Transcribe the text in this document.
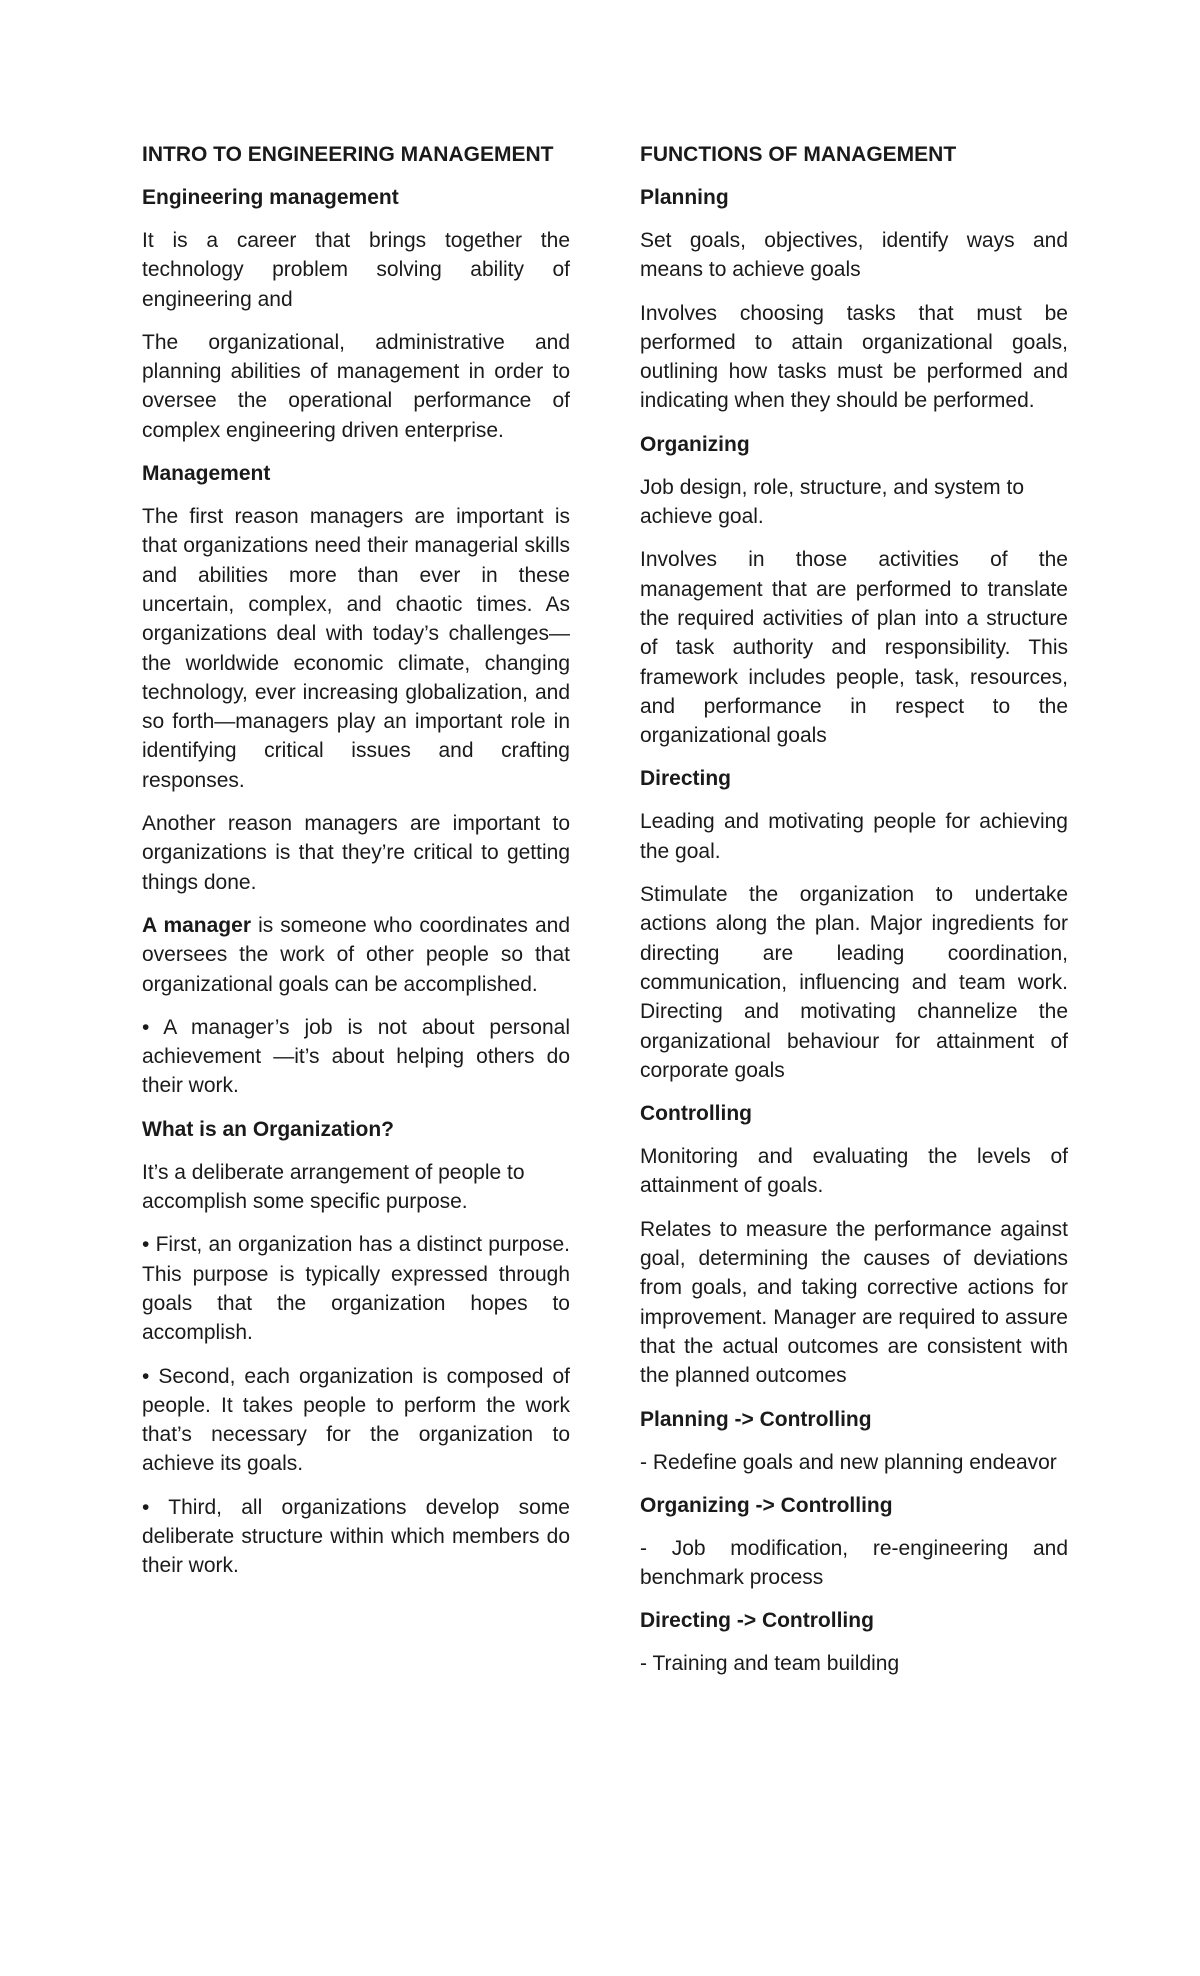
INTRO TO ENGINEERING MANAGEMENT
Engineering management
It is a career that brings together the technology problem solving ability of engineering and
The organizational, administrative and planning abilities of management in order to oversee the operational performance of complex engineering driven enterprise.
Management
The first reason managers are important is that organizations need their managerial skills and abilities more than ever in these uncertain, complex, and chaotic times. As organizations deal with today’s challenges—the worldwide economic climate, changing technology, ever increasing globalization, and so forth—managers play an important role in identifying critical issues and crafting responses.
Another reason managers are important to organizations is that they’re critical to getting things done.
A manager is someone who coordinates and oversees the work of other people so that organizational goals can be accomplished.
• A manager’s job is not about personal achievement —it’s about helping others do their work.
What is an Organization?
It’s a deliberate arrangement of people to accomplish some specific purpose.
• First, an organization has a distinct purpose. This purpose is typically expressed through goals that the organization hopes to accomplish.
• Second, each organization is composed of people. It takes people to perform the work that’s necessary for the organization to achieve its goals.
• Third, all organizations develop some deliberate structure within which members do their work.
FUNCTIONS OF MANAGEMENT
Planning
Set goals, objectives, identify ways and means to achieve goals
Involves choosing tasks that must be performed to attain organizational goals, outlining how tasks must be performed and indicating when they should be performed.
Organizing
Job design, role, structure, and system to achieve goal.
Involves in those activities of the management that are performed to translate the required activities of plan into a structure of task authority and responsibility. This framework includes people, task, resources, and performance in respect to the organizational goals
Directing
Leading and motivating people for achieving the goal.
Stimulate the organization to undertake actions along the plan. Major ingredients for directing are leading coordination, communication, influencing and team work. Directing and motivating channelize the organizational behaviour for attainment of corporate goals
Controlling
Monitoring and evaluating the levels of attainment of goals.
Relates to measure the performance against goal, determining the causes of deviations from goals, and taking corrective actions for improvement. Manager are required to assure that the actual outcomes are consistent with the planned outcomes
Planning -> Controlling
- Redefine goals and new planning endeavor
Organizing -> Controlling
- Job modification, re-engineering and benchmark process
Directing -> Controlling
- Training and team building
